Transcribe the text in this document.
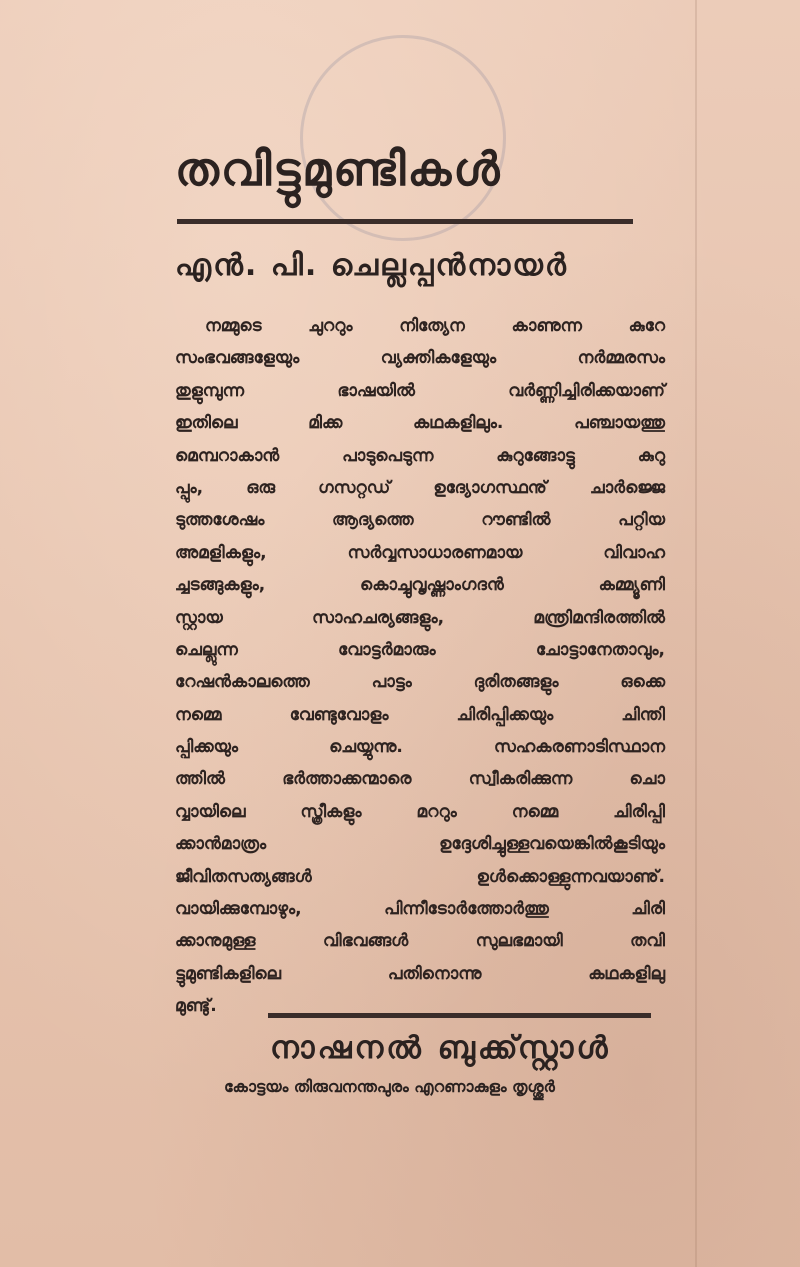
തവിട്ടുമുണ്ടികൾ
എൻ. പി. ചെല്ലപ്പൻനായർ
നമ്മുടെ ചുററും നിത്യേന കാണുന്ന കുറേ
സംഭവങ്ങളേയും വ്യക്തികളേയും നർമ്മരസം
തുളുമ്പുന്ന ഭാഷയിൽ വർണ്ണിച്ചിരിക്കയാണ്
ഇതിലെ മിക്ക കഥകളിലും. പഞ്ചായത്തു
മെമ്പറാകാൻ പാടുപെടുന്ന കുറുങ്ങോട്ടു കുറു
പ്പും, ഒരു ഗസറ്റഡ് ഉദ്യോഗസ്ഥനു് ചാർജ്ജെ
ടുത്തശേഷം ആദ്യത്തെ റൗണ്ടിൽ പറ്റിയ
അമളികളും, സർവ്വസാധാരണമായ വിവാഹ
ച്ചടങ്ങുകളും, കൊച്ചുവൃഷ്ണാംഗദൻ കമ്മ്യൂണി
സ്റ്റായ സാഹചര്യങ്ങളും, മന്ത്രിമന്ദിരത്തിൽ
ചെല്ലുന്ന വോട്ടർമാരും ചോട്ടാനേതാവും,
റേഷൻകാലത്തെ പാട്ടം ദുരിതങ്ങളും ഒക്കെ
നമ്മെ വേണ്ടുവോളം ചിരിപ്പിക്കയും ചിന്തി
പ്പിക്കയും ചെയ്യുന്നു. സഹകരണാടിസ്ഥാന
ത്തിൽ ഭർത്താക്കന്മാരെ സ്വീകരിക്കുന്ന ചൊ
വ്വായിലെ സ്ത്രീകളും മററും നമ്മെ ചിരിപ്പി
ക്കാൻമാത്രം ഉദ്ദേശിച്ചുള്ളവയെങ്കിൽകൂടിയും
ജീവിതസത്യങ്ങൾ ഉൾക്കൊള്ളുന്നവയാണു്.
വായിക്കുമ്പോഴും, പിന്നീടോർത്തോർത്തു ചിരി
ക്കാനുമുള്ള വിഭവങ്ങൾ സുലഭമായി തവി
ട്ടുമുണ്ടികളിലെ പതിനൊന്നു കഥകളിലു
മുണ്ടു്.
നാഷനൽ ബുക്ക്സ്റ്റാൾ
കോട്ടയം തിരുവനന്തപുരം എറണാകുളം തൃശ്ശൂർ
